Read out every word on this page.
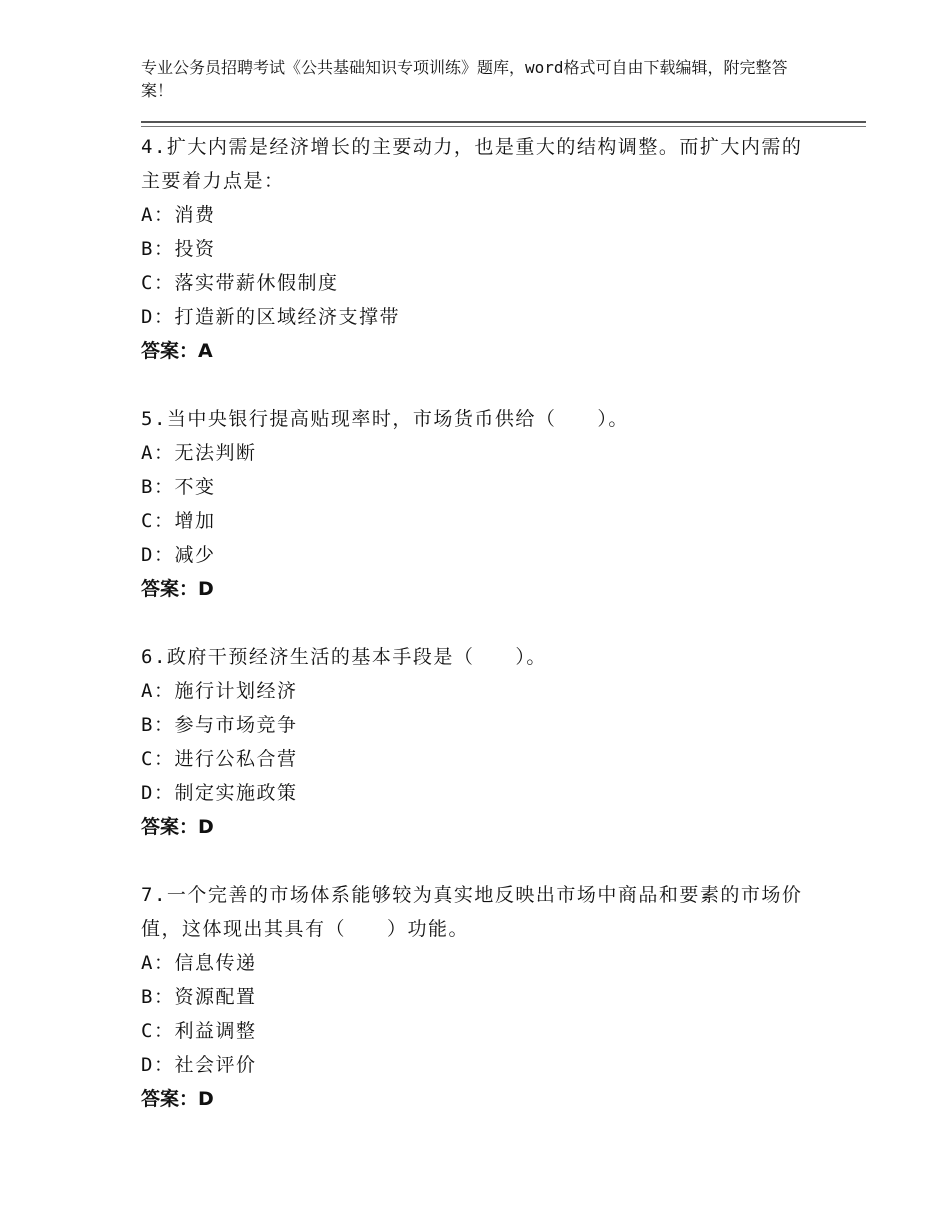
专业公务员招聘考试《公共基础知识专项训练》题库，word格式可自由下载编辑，附完整答案！

4.扩大内需是经济增长的主要动力，也是重大的结构调整。而扩大内需的主要着力点是：

A：消费

B：投资

C：落实带薪休假制度

D：打造新的区域经济支撑带

答案：A

5.当中央银行提高贴现率时，市场货币供给（　　）。

A：无法判断

B：不变

C：增加

D：减少

答案：D

6.政府干预经济生活的基本手段是（　　）。

A：施行计划经济

B：参与市场竞争

C：进行公私合营

D：制定实施政策

答案：D

7.一个完善的市场体系能够较为真实地反映出市场中商品和要素的市场价值，这体现出其具有（　　）功能。

A：信息传递

B：资源配置

C：利益调整

D：社会评价

答案：D
